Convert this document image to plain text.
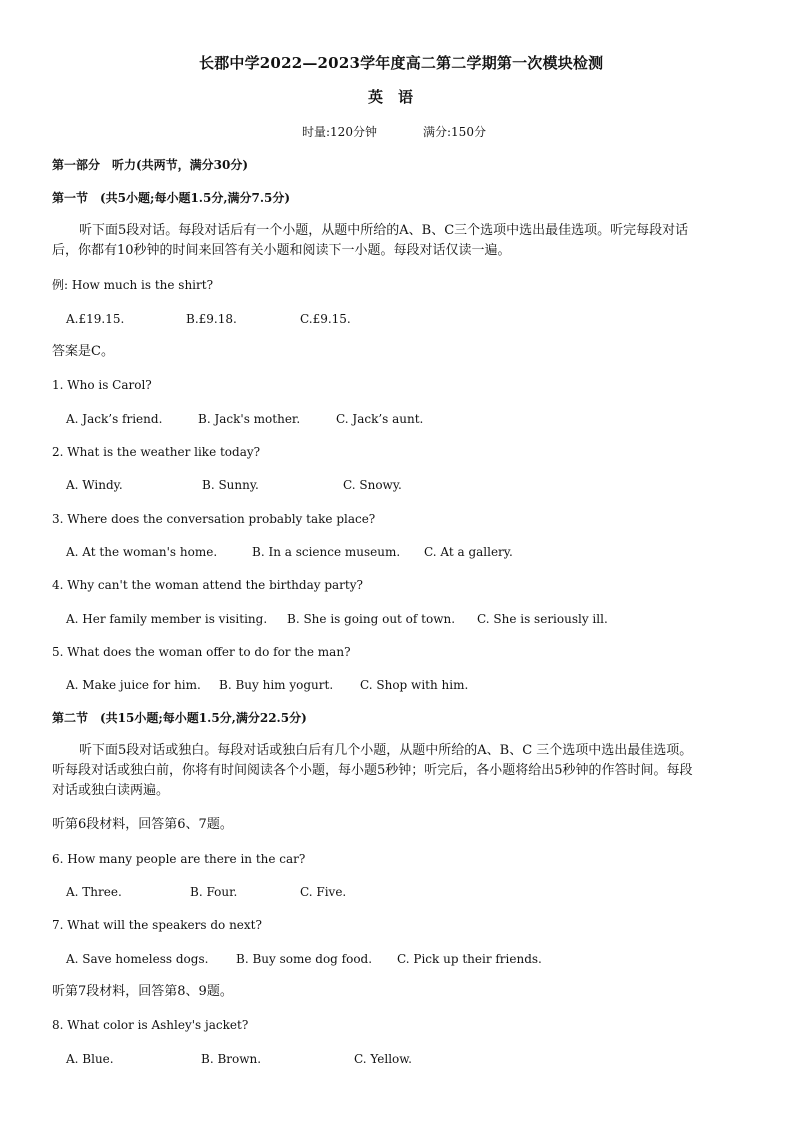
长郡中学2022—2023学年度高二第二学期第一次模块检测
英　语
时量:120分钟	满分:150分
第一部分　听力(共两节，满分30分)
第一节　(共5小题;每小题1.5分,满分7.5分)
听下面5段对话。每段对话后有一个小题，从题中所给的A、B、C三个选项中选出最佳选项。听完每段对话
后，你都有10秒钟的时间来回答有关小题和阅读下一小题。每段对话仅读一遍。
例: How much is the shirt?
A.£19.15.	B.£9.18.	C.£9.15.
答案是C。
1. Who is Carol?
A. Jack’s friend.	B. Jack's mother.	C. Jack’s aunt.
2. What is the weather like today?
A. Windy.	B. Sunny.	C. Snowy.
3. Where does the conversation probably take place?
A. At the woman's home.	B. In a science museum. C. At a gallery.
4. Why can't the woman attend the birthday party?
A. Her family member is visiting. B. She is going out of town. C. She is seriously ill.
5. What does the woman offer to do for the man?
A. Make juice for him. B. Buy him yogurt. C. Shop with him.
第二节　(共15小题;每小题1.5分,满分22.5分)
听下面5段对话或独白。每段对话或独白后有几个小题，从题中所给的A、B、C 三个选项中选出最佳选项。
听每段对话或独白前，你将有时间阅读各个小题，每小题5秒钟；听完后，各小题将给出5秒钟的作答时间。每段
对话或独白读两遍。
听第6段材料，回答第6、7题。
6. How many people are there in the car?
A. Three.	B. Four.	C. Five.
7. What will the speakers do next?
A. Save homeless dogs. B. Buy some dog food. C. Pick up their friends.
听第7段材料，回答第8、9题。
8. What color is Ashley's jacket?
A. Blue.	B. Brown.	C. Yellow.
